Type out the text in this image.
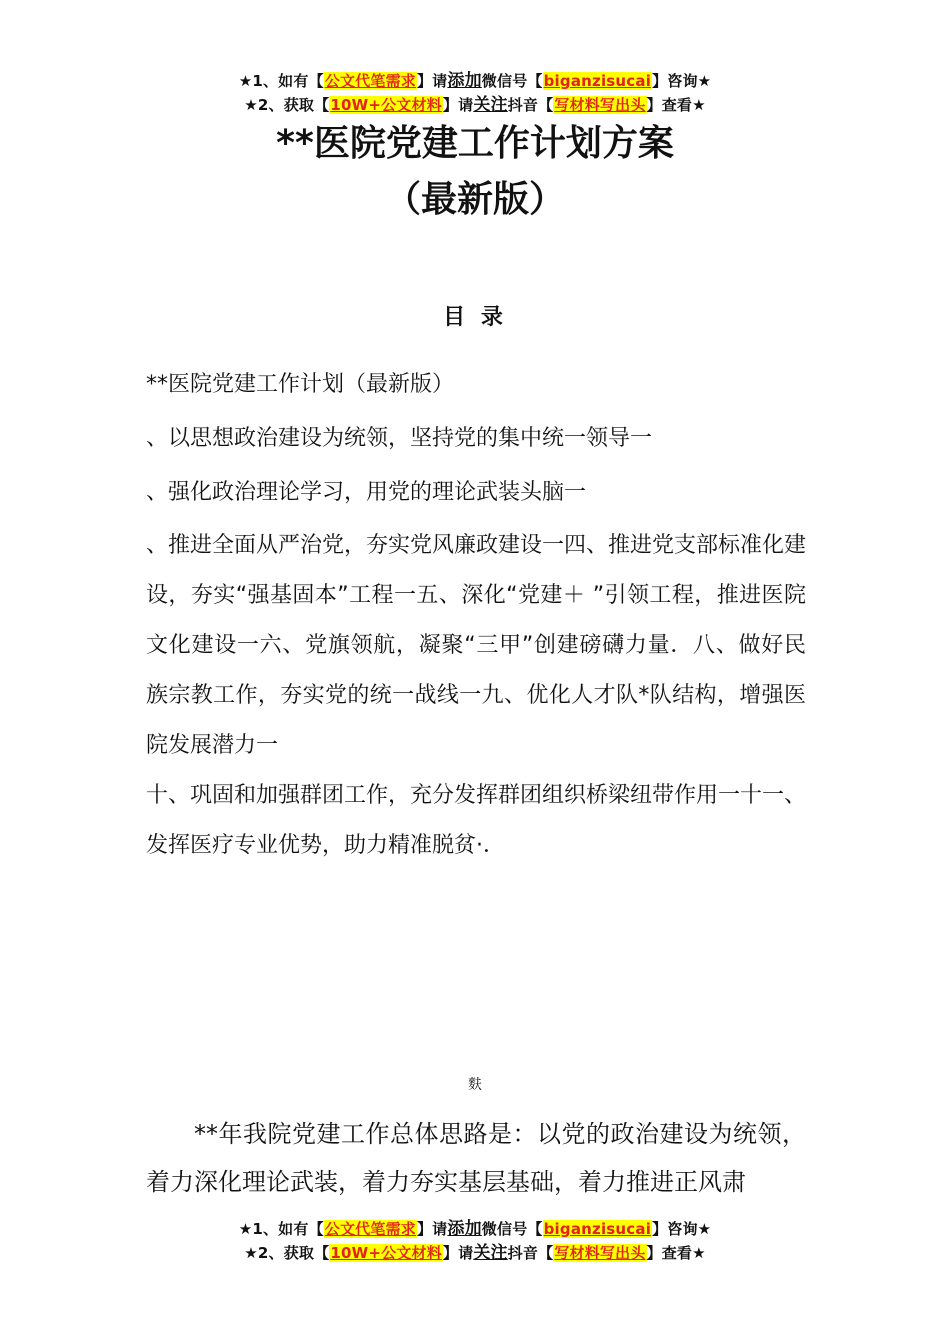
★1、如有【公文代笔需求】请添加微信号【biganzisucai】咨询★
★2、获取【10W+公文材料】请关注抖音【写材料写出头】查看★
**医院党建工作计划方案
（最新版）
目 录

**医院党建工作计划（最新版）

、以思想政治建设为统领，坚持党的集中统一领导一

、强化政治理论学习，用党的理论武装头脑一

、推进全面从严治党，夯实党风廉政建设一四、推进党支部标准化建设，夯实“强基固本”工程一五、深化“党建＋ ”引领工程，推进医院文化建设一六、党旗领航，凝聚“三甲”创建磅礴力量．八、做好民族宗教工作，夯实党的统一战线一九、优化人才队*队结构，增强医院发展潜力一

十、巩固和加强群团工作，充分发挥群团组织桥梁纽带作用一十一、发挥医疗专业优势，助力精准脱贫·．

麩

**年我院党建工作总体思路是：以党的政治建设为统领，着力深化理论武装，着力夯实基层基础，着力推进正风肃

★1、如有【公文代笔需求】请添加微信号【biganzisucai】咨询★
★2、获取【10W+公文材料】请关注抖音【写材料写出头】查看★
